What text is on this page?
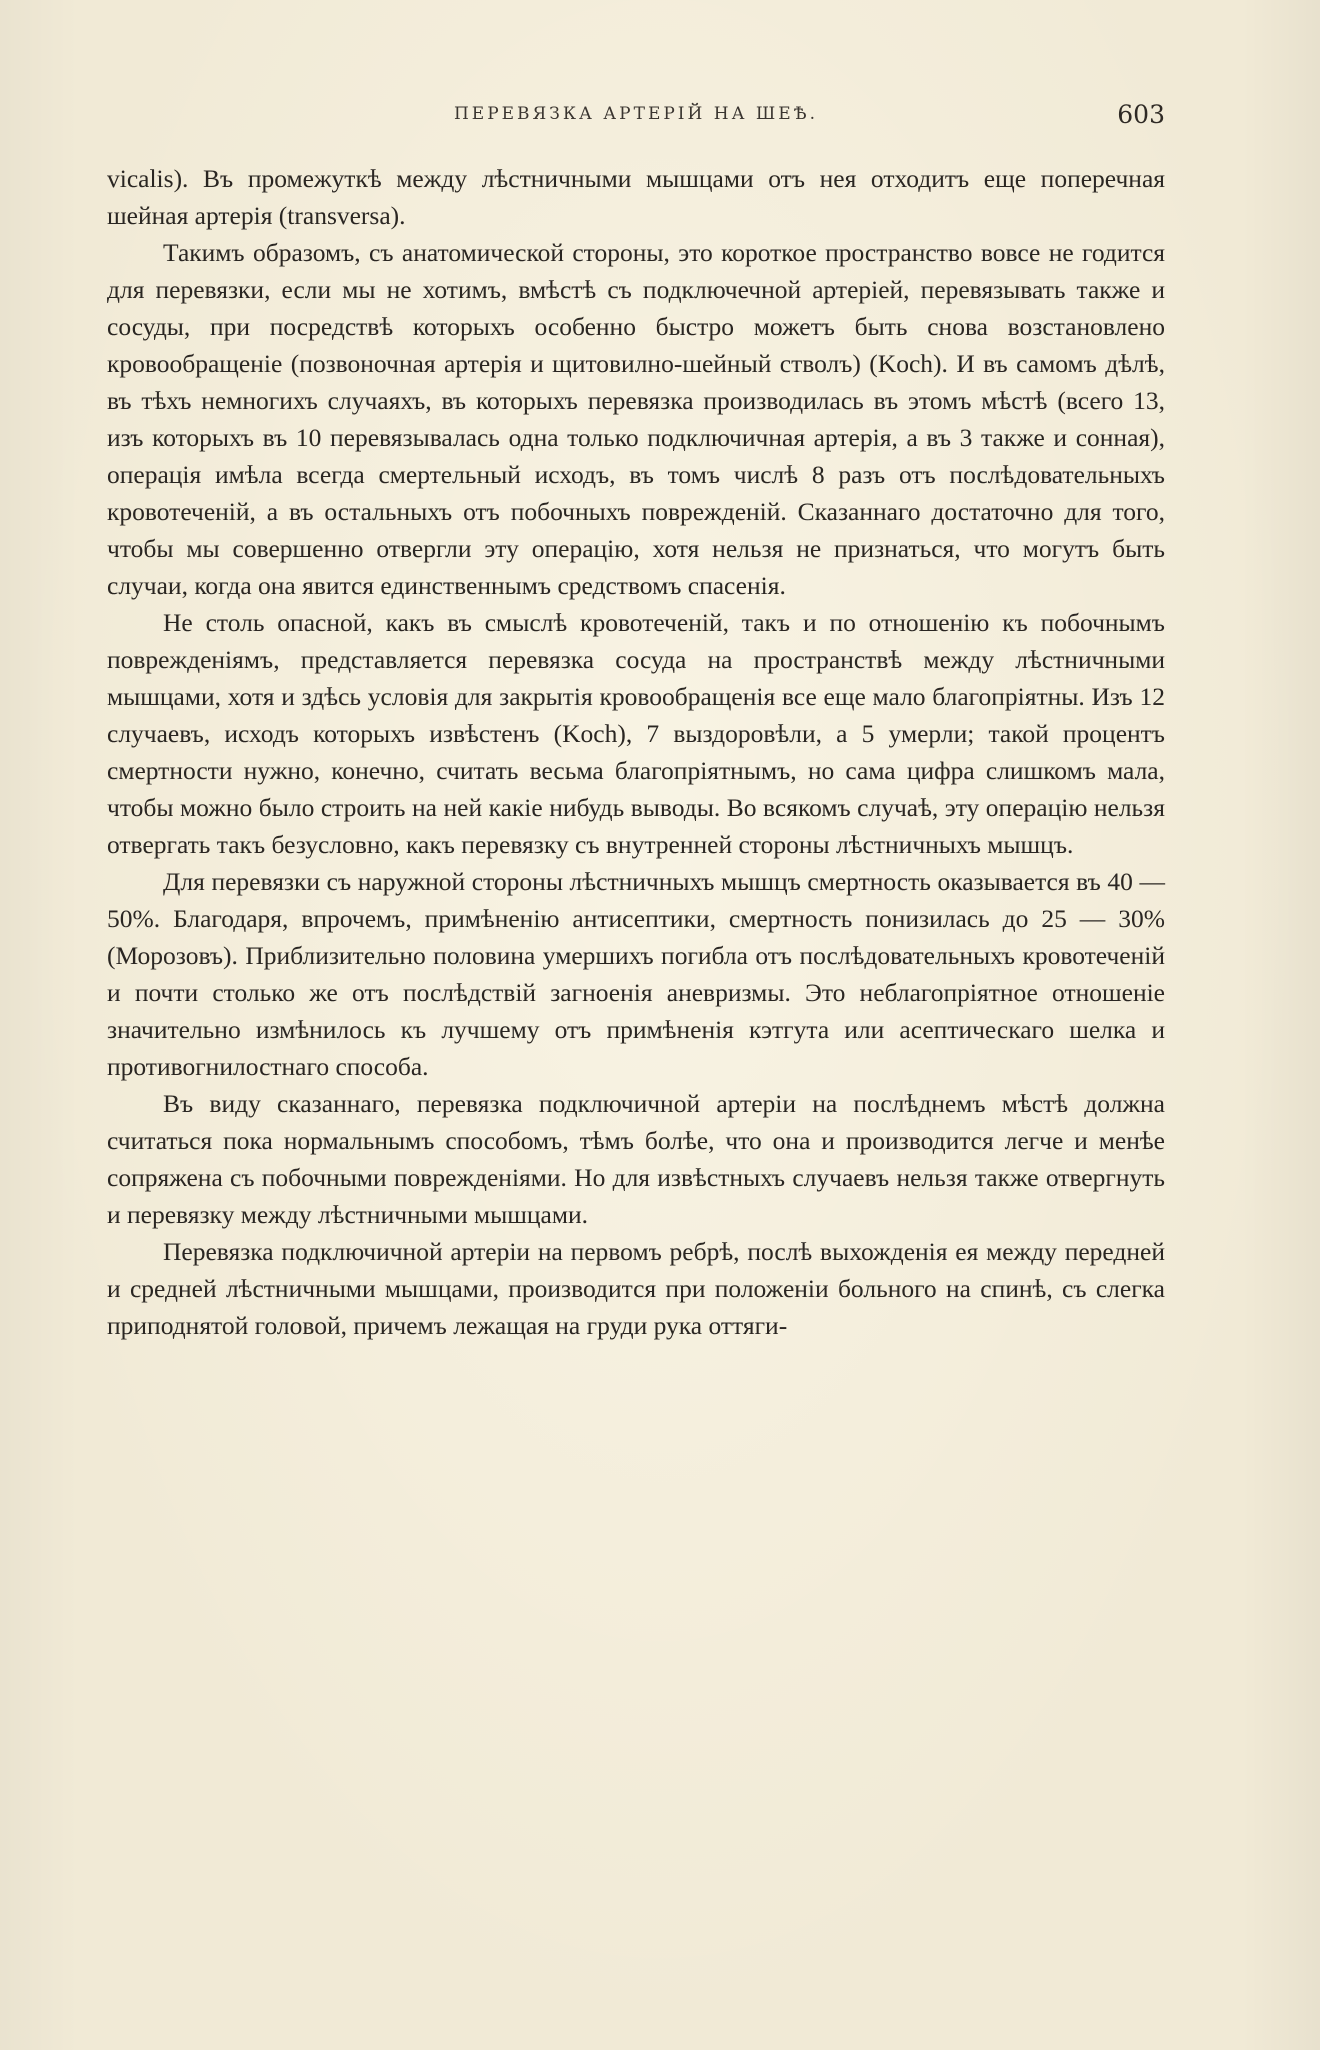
ПЕРЕВЯЗКА АРТЕРІЙ НА ШЕѢ.	603

vicalis). Въ промежуткѣ между лѣстничными мышцами отъ нея отходитъ еще поперечная шейная артерія (transversa).

Такимъ образомъ, съ анатомической стороны, это короткое пространство вовсе не годится для перевязки, если мы не хотимъ, вмѣстѣ съ подключечной артеріей, перевязывать также и сосуды, при посредствѣ которыхъ особенно быстро можетъ быть снова возстановлено кровообращеніе (позвоночная артерія и щитовилно-шейный стволъ) (Koch). И въ самомъ дѣлѣ, въ тѣхъ немногихъ случаяхъ, въ которыхъ перевязка производилась въ этомъ мѣстѣ (всего 13, изъ которыхъ въ 10 перевязывалась одна только подключичная артерія, а въ 3 также и сонная), операція имѣла всегда смертельный исходъ, въ томъ числѣ 8 разъ отъ послѣдовательныхъ кровотеченій, а въ остальныхъ отъ побочныхъ поврежденій. Сказаннаго достаточно для того, чтобы мы совершенно отвергли эту операцію, хотя нельзя не признаться, что могутъ быть случаи, когда она явится единственнымъ средствомъ спасенія.

Не столь опасной, какъ въ смыслѣ кровотеченій, такъ и по отношенію къ побочнымъ поврежденіямъ, представляется перевязка сосуда на пространствѣ между лѣстничными мышцами, хотя и здѣсь условія для закрытія кровообращенія все еще мало благопріятны. Изъ 12 случаевъ, исходъ которыхъ извѣстенъ (Koch), 7 выздоровѣли, а 5 умерли; такой процентъ смертности нужно, конечно, считать весьма благопріятнымъ, но сама цифра слишкомъ мала, чтобы можно было строить на ней какіе нибудь выводы. Во всякомъ случаѣ, эту операцію нельзя отвергать такъ безусловно, какъ перевязку съ внутренней стороны лѣстничныхъ мышцъ.

Для перевязки съ наружной стороны лѣстничныхъ мышцъ смертность оказывается въ 40 — 50%. Благодаря, впрочемъ, примѣненію антисептики, смертность понизилась до 25 — 30% (Морозовъ). Приблизительно половина умершихъ погибла отъ послѣдовательныхъ кровотеченій и почти столько же отъ послѣдствій загноенія аневризмы. Это неблагопріятное отношеніе значительно измѣнилось къ лучшему отъ примѣненія кэтгута или асептическаго шелка и противогнилостнаго способа.

Въ виду сказаннаго, перевязка подключичной артеріи на послѣднемъ мѣстѣ должна считаться пока нормальнымъ способомъ, тѣмъ болѣе, что она и производится легче и менѣе сопряжена съ побочными поврежденіями. Но для извѣстныхъ случаевъ нельзя также отвергнуть и перевязку между лѣстничными мышцами.

Перевязка подключичной артеріи на первомъ ребрѣ, послѣ выхожденія ея между передней и средней лѣстничными мышцами, производится при положеніи больного на спинѣ, съ слегка приподнятой головой, причемъ лежащая на груди рука оттяги-
